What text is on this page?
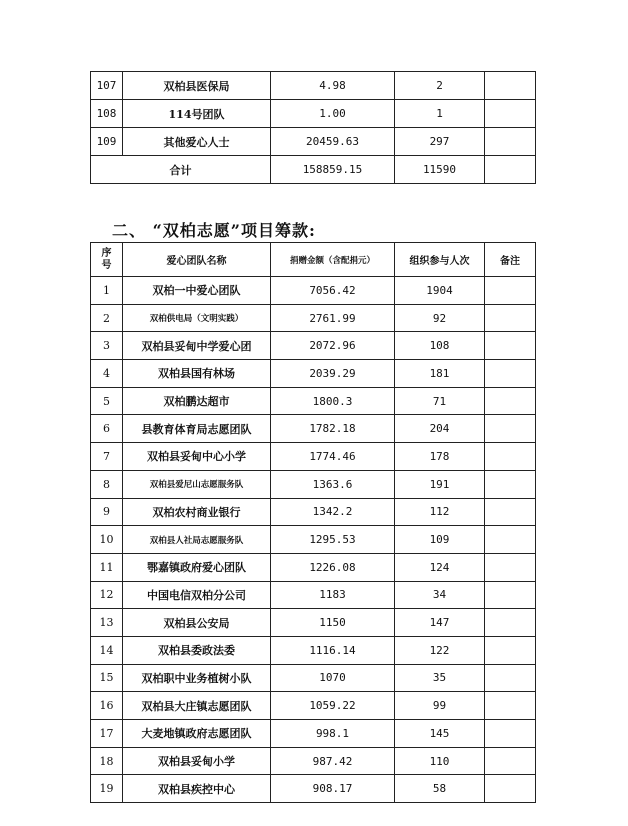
107	双柏县医保局	4.98	2	
108	114号团队	1.00	1	
109	其他爱心人士	20459.63	297	
合计		158859.15	11590	
二、 “双柏志愿”项目筹款:
序号	爱心团队名称	捐赠金额（含配捐元）	组织参与人次	备注
1	双柏一中爱心团队	7056.42	1904	
2	双柏供电局（文明实践）	2761.99	92	
3	双柏县妥甸中学爱心团	2072.96	108	
4	双柏县国有林场	2039.29	181	
5	双柏鹏达超市	1800.3	71	
6	县教育体育局志愿团队	1782.18	204	
7	双柏县妥甸中心小学	1774.46	178	
8	双柏县爱尼山志愿服务队	1363.6	191	
9	双柏农村商业银行	1342.2	112	
10	双柏县人社局志愿服务队	1295.53	109	
11	鄂嘉镇政府爱心团队	1226.08	124	
12	中国电信双柏分公司	1183	34	
13	双柏县公安局	1150	147	
14	双柏县委政法委	1116.14	122	
15	双柏职中业务植树小队	1070	35	
16	双柏县大庄镇志愿团队	1059.22	99	
17	大麦地镇政府志愿团队	998.1	145	
18	双柏县妥甸小学	987.42	110	
19	双柏县疾控中心	908.17	58	
